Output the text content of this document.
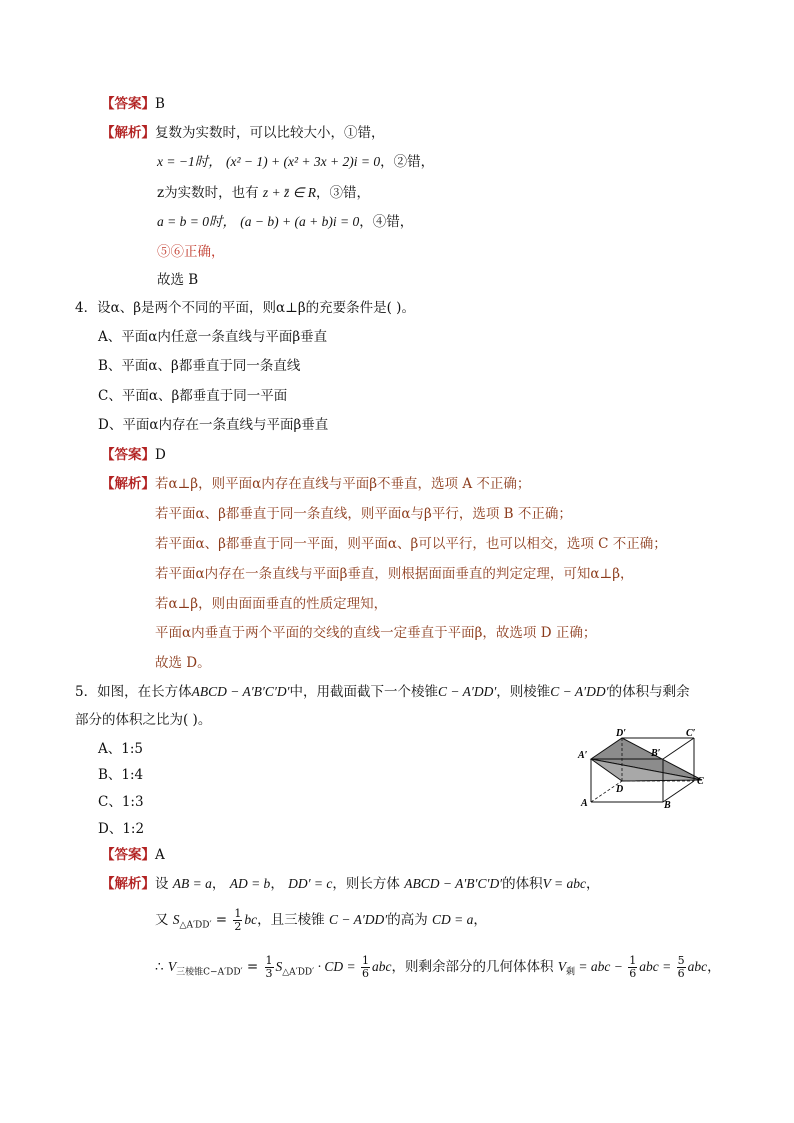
【答案】B
【解析】复数为实数时，可以比较大小，①错，
x = −1时， (x² − 1) + (x² + 3x + 2)i = 0，②错，
z为实数时，也有 z + z̄ ∈ R，③错，
a = b = 0时， (a − b) + (a + b)i = 0，④错，
⑤⑥正确，
故选 B
4．设α、β是两个不同的平面，则α⊥β的充要条件是( )。
A、平面α内任意一条直线与平面β垂直
B、平面α、β都垂直于同一条直线
C、平面α、β都垂直于同一平面
D、平面α内存在一条直线与平面β垂直
【答案】D
【解析】若α⊥β，则平面α内存在直线与平面β不垂直，选项 A 不正确；
若平面α、β都垂直于同一条直线，则平面α与β平行，选项 B 不正确；
若平面α、β都垂直于同一平面，则平面α、β可以平行，也可以相交，选项 C 不正确；
若平面α内存在一条直线与平面β垂直，则根据面面垂直的判定定理，可知α⊥β，
若α⊥β，则由面面垂直的性质定理知，
平面α内垂直于两个平面的交线的直线一定垂直于平面β，故选项 D 正确；
故选 D。
5．如图，在长方体ABCD − A′B′C′D′中，用截面截下一个棱锥C − A′DD′，则棱锥C − A′DD′的体积与剩余
部分的体积之比为( )。
A、1:5
B、1:4
C、1:3
D、1:2
D′	C′
A′	B′
D
C
A	B
【答案】A
【解析】设 AB = a， AD = b， DD′ = c，则长方体 ABCD − A′B′C′D′的体积V = abc，
又 $S_{\triangle A'DD'} = \frac{1}{2}$ bc，且三棱锥 C − A′DD′的高为 CD = a，
∴ $V_{三棱锥C-A'DD'} = \frac{1}{3} S_{\triangle A'DD'}$ · CD = $\frac{1}{6}$ abc，则剩余部分的几何体体积 $V_剩$ = abc − $\frac{1}{6}$ abc = $\frac{5}{6}$ abc，
